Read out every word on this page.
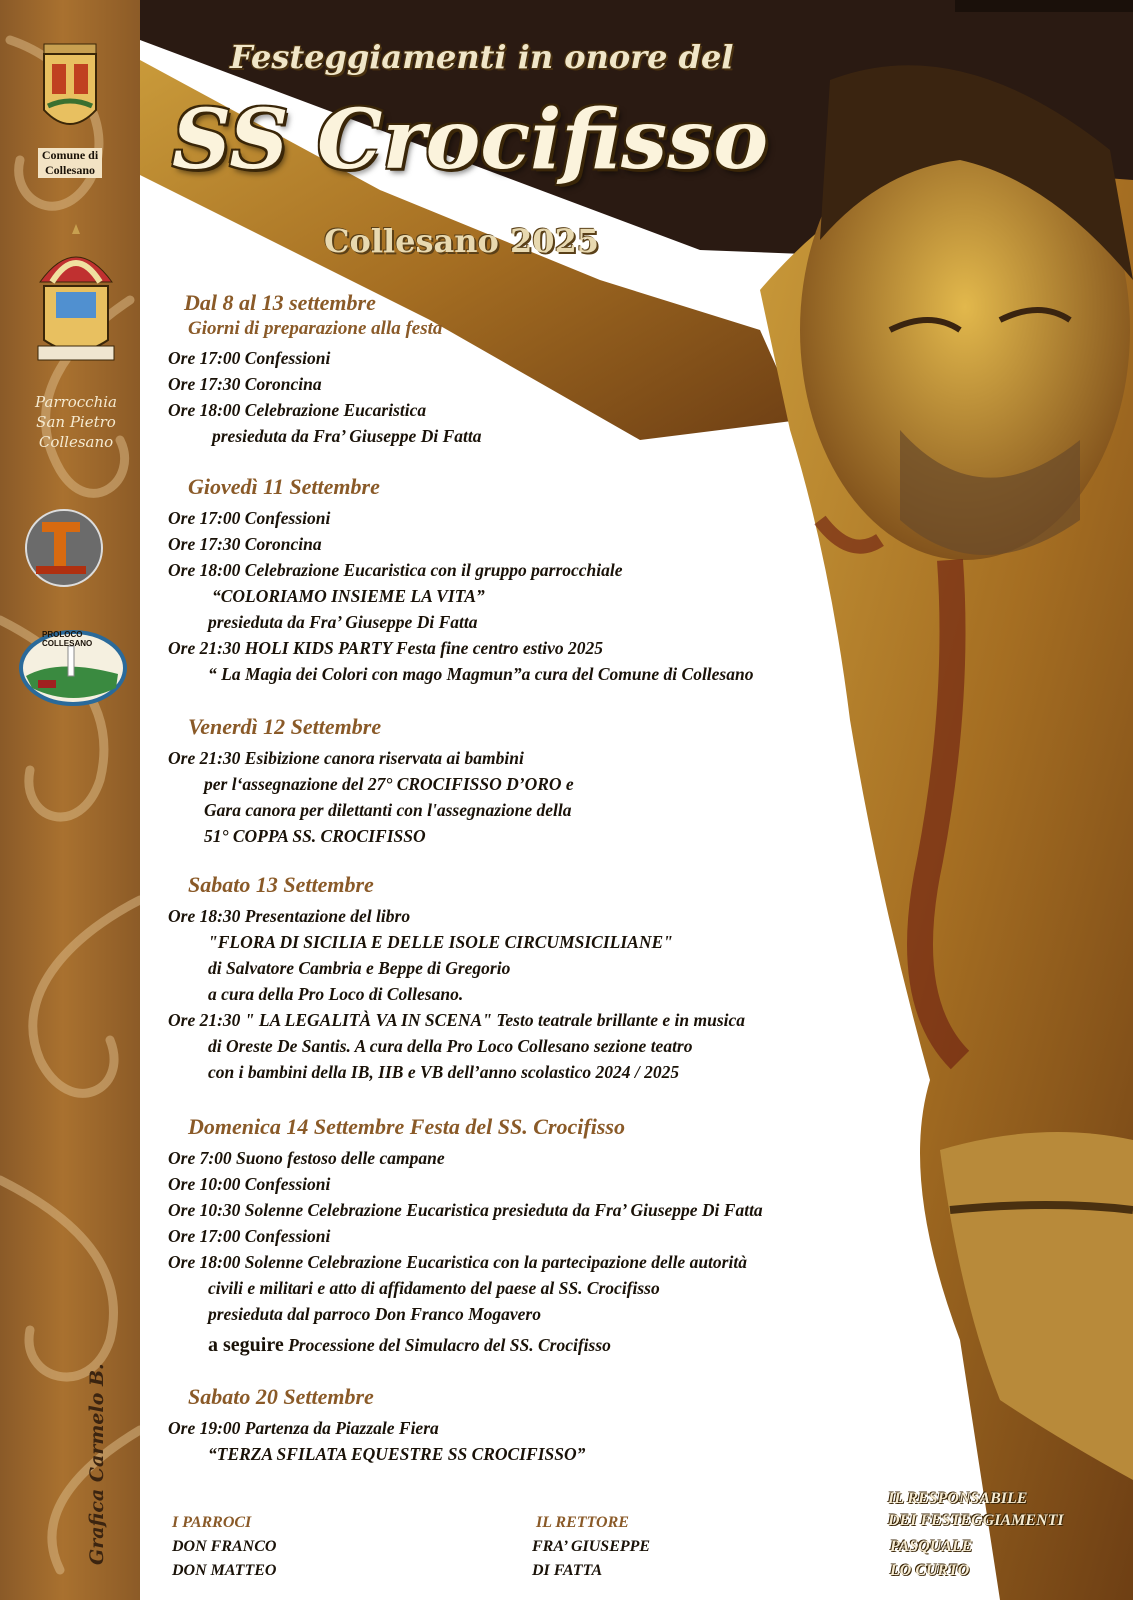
Comune di
Collesano
Parrocchia
San Pietro
Collesano
PROLOCO COLLESANO
Festeggiamenti in onore del
SS Crocifisso
Collesano 2025
Dal 8 al 13 settembre
Giorni di preparazione alla festa
Ore 17:00 Confessioni
Ore 17:30 Coroncina
Ore 18:00 Celebrazione Eucaristica
presieduta da Fra’ Giuseppe Di Fatta
Giovedì 11 Settembre
Ore 17:00 Confessioni
Ore 17:30 Coroncina
Ore 18:00 Celebrazione Eucaristica con il gruppo parrocchiale
“COLORIAMO INSIEME LA VITA”
presieduta da Fra’ Giuseppe Di Fatta
Ore 21:30 HOLI KIDS PARTY Festa fine centro estivo 2025
“ La Magia dei Colori con mago Magmun”a cura del Comune di Collesano
Venerdì 12 Settembre
Ore 21:30 Esibizione canora riservata ai bambini
per l‘assegnazione del 27° CROCIFISSO D’ORO e
Gara canora per dilettanti con l'assegnazione della
51° COPPA SS. CROCIFISSO
Sabato 13 Settembre
Ore 18:30 Presentazione del libro
"FLORA DI SICILIA E DELLE ISOLE CIRCUMSICILIANE"
di Salvatore Cambria e Beppe di Gregorio
a cura della Pro Loco di Collesano.
Ore 21:30 " LA LEGALITÀ VA IN SCENA" Testo teatrale brillante e in musica
di Oreste De Santis. A cura della Pro Loco Collesano sezione teatro
con i bambini della IB, IIB e VB dell’anno scolastico 2024 / 2025
Domenica 14 Settembre Festa del SS. Crocifisso
Ore 7:00 Suono festoso delle campane
Ore 10:00 Confessioni
Ore 10:30 Solenne Celebrazione Eucaristica presieduta da Fra’ Giuseppe Di Fatta
Ore 17:00 Confessioni
Ore 18:00 Solenne Celebrazione Eucaristica con la partecipazione delle autorità
civili e militari e atto di affidamento del paese al SS. Crocifisso
presieduta dal parroco Don Franco Mogavero
a seguire Processione del Simulacro del SS. Crocifisso
Sabato 20 Settembre
Ore 19:00 Partenza da Piazzale Fiera
“TERZA SFILATA EQUESTRE SS CROCIFISSO”
I PARROCI
DON FRANCO
DON MATTEO
IL RETTORE
FRA’ GIUSEPPE
DI FATTA
IL RESPONSABILE
DEI FESTEGGIAMENTI
PASQUALE
LO CURTO
Grafica Carmelo B.
